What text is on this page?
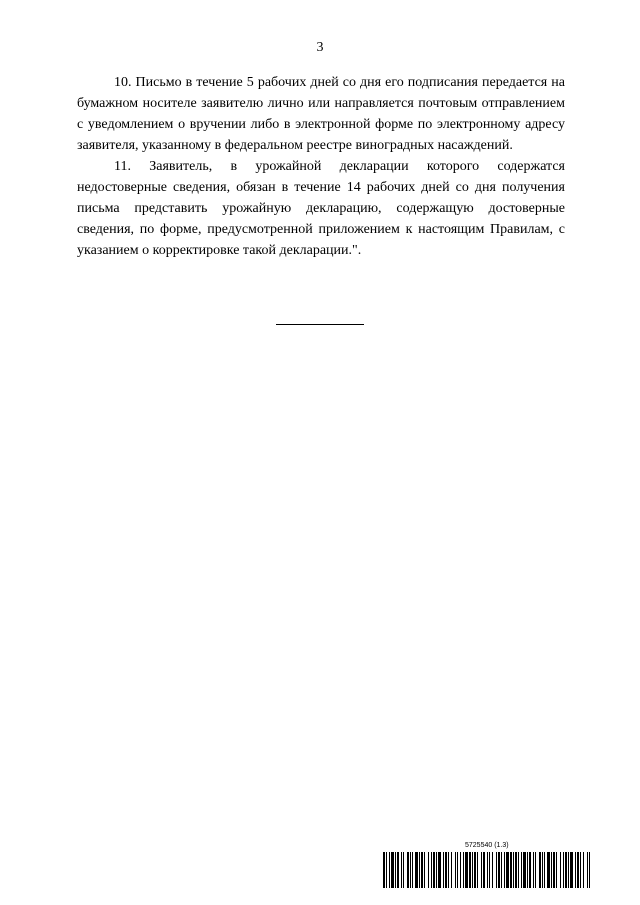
3

10. Письмо в течение 5 рабочих дней со дня его подписания передается на бумажном носителе заявителю лично или направляется почтовым отправлением с уведомлением о вручении либо в электронной форме по электронному адресу заявителя, указанному в федеральном реестре виноградных насаждений.

11. Заявитель, в урожайной декларации которого содержатся недостоверные сведения, обязан в течение 14 рабочих дней со дня получения письма представить урожайную декларацию, содержащую достоверные сведения, по форме, предусмотренной приложением к настоящим Правилам, с указанием о корректировке такой декларации.".

5725540 (1.3)
